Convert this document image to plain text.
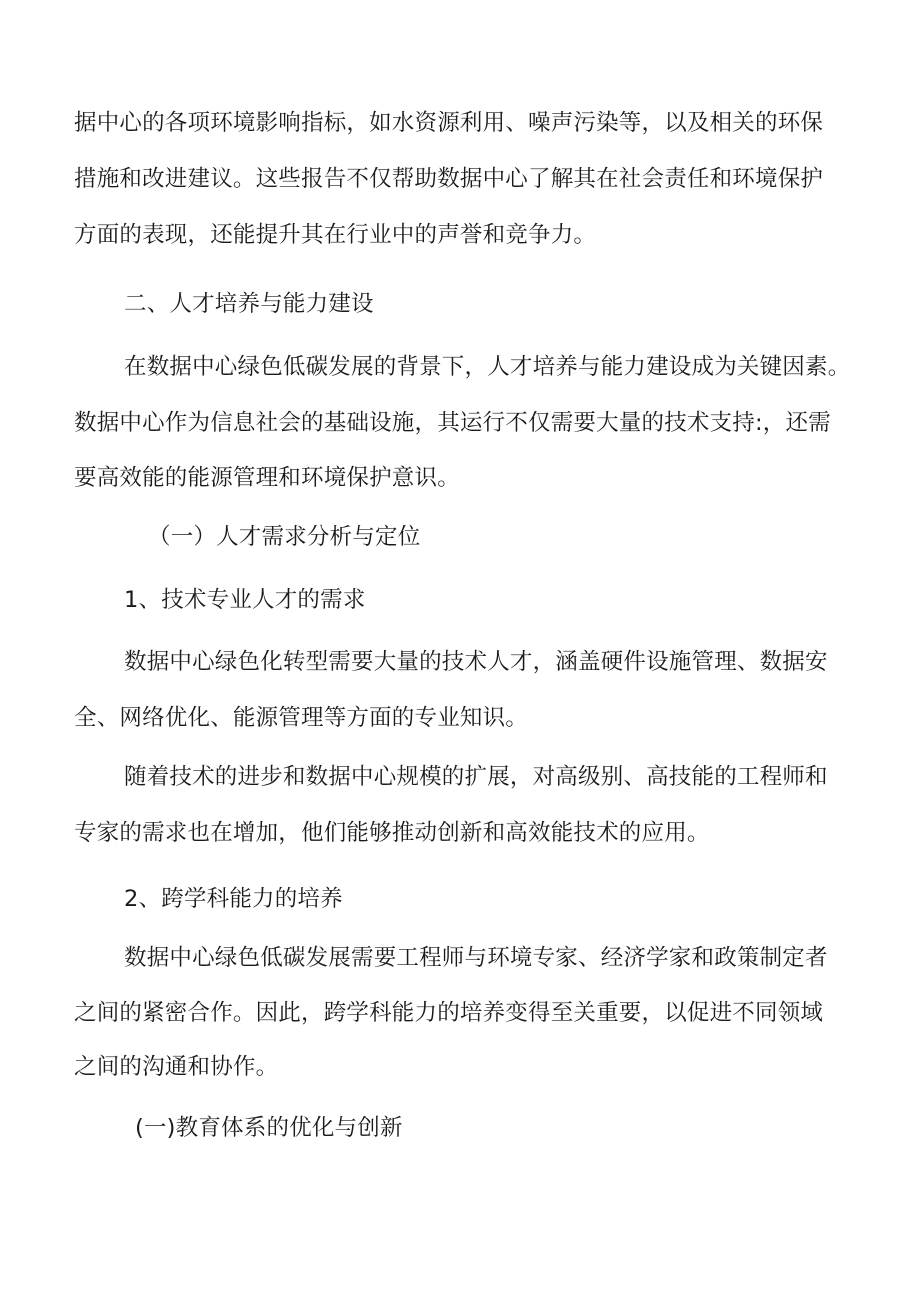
据中心的各项环境影响指标，如水资源利用、噪声污染等，以及相关的环保
措施和改进建议。这些报告不仅帮助数据中心了解其在社会责任和环境保护
方面的表现，还能提升其在行业中的声誉和竞争力。
二、人才培养与能力建设
在数据中心绿色低碳发展的背景下，人才培养与能力建设成为关键因素。
数据中心作为信息社会的基础设施，其运行不仅需要大量的技术支持:，还需
要高效能的能源管理和环境保护意识。
（一）人才需求分析与定位
1、技术专业人才的需求
数据中心绿色化转型需要大量的技术人才，涵盖硬件设施管理、数据安
全、网络优化、能源管理等方面的专业知识。
随着技术的进步和数据中心规模的扩展，对高级别、高技能的工程师和
专家的需求也在增加，他们能够推动创新和高效能技术的应用。
2、跨学科能力的培养
数据中心绿色低碳发展需要工程师与环境专家、经济学家和政策制定者
之间的紧密合作。因此，跨学科能力的培养变得至关重要，以促进不同领域
之间的沟通和协作。
(一)教育体系的优化与创新
